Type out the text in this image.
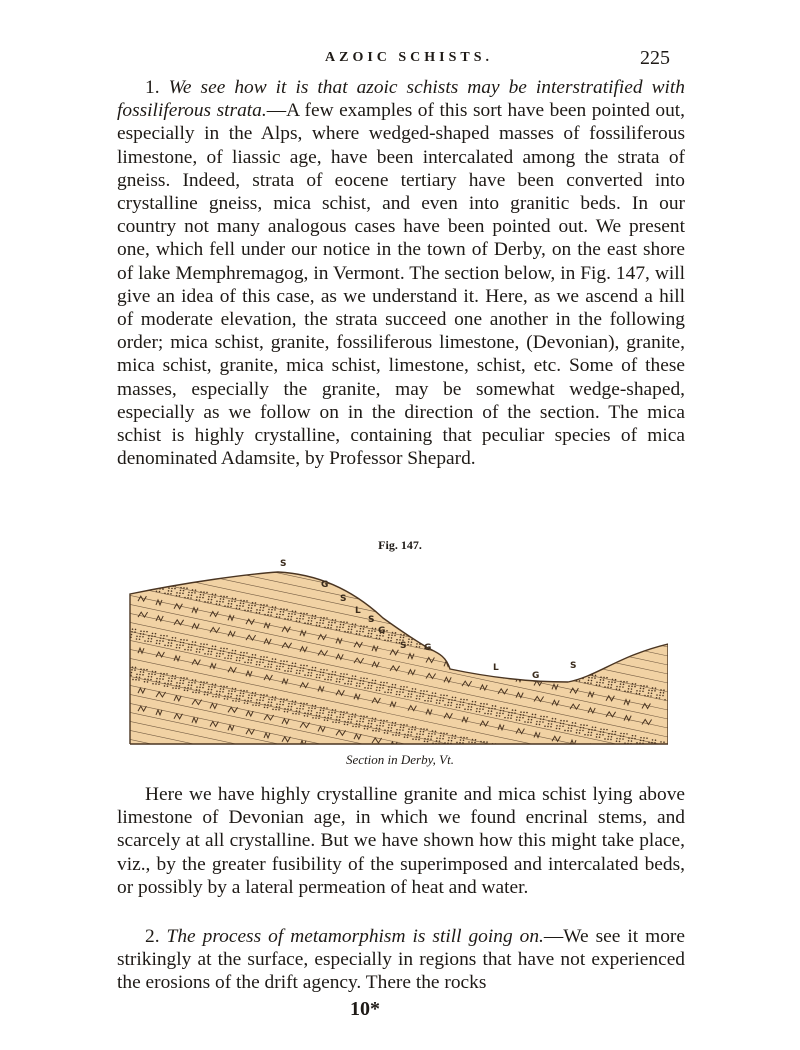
AZOIC SCHISTS.	225

1. We see how it is that azoic schists may be interstratified with fossiliferous strata.—A few examples of this sort have been pointed out, especially in the Alps, where wedged-shaped masses of fossiliferous limestone, of liassic age, have been intercalated among the strata of gneiss. Indeed, strata of eocene tertiary have been converted into crystalline gneiss, mica schist, and even into granitic beds. In our country not many analogous cases have been pointed out. We present one, which fell under our notice in the town of Derby, on the east shore of lake Memphremagog, in Vermont. The section below, in Fig. 147, will give an idea of this case, as we understand it. Here, as we ascend a hill of moderate elevation, the strata succeed one another in the following order; mica schist, granite, fossiliferous limestone, (Devonian), granite, mica schist, granite, mica schist, limestone, schist, etc. Some of these masses, especially the granite, may be somewhat wedge-shaped, especially as we follow on in the direction of the section. The mica schist is highly crystalline, containing that peculiar species of mica denominated Adamsite, by Professor Shepard.

Fig. 147.
S
G
S
L
S
G
S G
L
G
S
Section in Derby, Vt.

Here we have highly crystalline granite and mica schist lying above limestone of Devonian age, in which we found encrinal stems, and scarcely at all crystalline. But we have shown how this might take place, viz., by the greater fusibility of the superimposed and intercalated beds, or possibly by a lateral permeation of heat and water.

2. The process of metamorphism is still going on.—We see it more strikingly at the surface, especially in regions that have not experienced the erosions of the drift agency. There the rocks

10*
